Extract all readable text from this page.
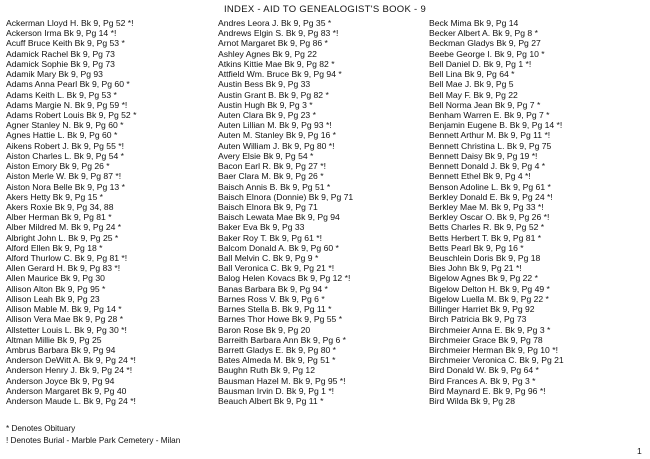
INDEX - AID TO GENEALOGIST'S BOOK - 9
Ackerman Lloyd H. Bk 9, Pg 52 *!
Ackerson Irma Bk 9, Pg 14 *!
Acuff Bruce Keith Bk 9, Pg 53 *
Adamick Rachel Bk 9, Pg 73
Adamick Sophie Bk 9, Pg 73
Adamik Mary Bk 9, Pg 93
Adams Anna Pearl Bk 9, Pg 60 *
Adams Keith L. Bk 9, Pg 53 *
Adams Margie N. Bk 9, Pg 59 *!
Adams Robert Louis Bk 9, Pg 52 *
Agner Stanley N. Bk 9, Pg 60 *
Agnes Hattie L. Bk 9, Pg 60 *
Aikens Robert J. Bk 9, Pg 55 *!
Aiston Charles L. Bk 9, Pg 54 *
Aiston Emory Bk 9, Pg 26 *
Aiston Merle W. Bk 9, Pg 87 *!
Aiston Nora Belle Bk 9, Pg 13 *
Akers Hetty Bk 9, Pg 15 *
Akers Roxie Bk 9, Pg 34, 88
Alber Herman Bk 9, Pg 81 *
Alber Mildred M. Bk 9, Pg 24 *
Albright John L. Bk 9, Pg 25 *
Alford Ellen Bk 9, Pg 18 *
Alford Thurlow C. Bk 9, Pg 81 *!
Allen Gerard H. Bk 9, Pg 83 *!
Allen Maurice Bk 9, Pg 30
Allison Alton Bk 9, Pg 95 *
Allison Leah Bk 9, Pg 23
Allison Mable M. Bk 9, Pg 14 *
Allison Vera Mae Bk 9, Pg 28 *
Allstetter Louis L. Bk 9, Pg 30 *!
Altman Millie Bk 9, Pg 25
Ambrus Barbara Bk 9, Pg 94
Anderson DeWitt A. Bk 9, Pg 24 *!
Anderson Henry J. Bk 9, Pg 24 *!
Anderson Joyce Bk 9, Pg 94
Anderson Margaret Bk 9, Pg 40
Anderson Maude L. Bk 9, Pg 24 *!
Andres Leora J. Bk 9, Pg 35 *
Andrews Elgin S. Bk 9, Pg 83 *!
Arnot Margaret Bk 9, Pg 86 *
Ashley Agnes Bk 9, Pg 22
Atkins Kittie Mae Bk 9, Pg 82 *
Attfield Wm. Bruce Bk 9, Pg 94 *
Austin Bess Bk 9, Pg 33
Austin Grant B. Bk 9, Pg 82 *
Austin Hugh Bk 9, Pg 3 *
Auten Clara Bk 9, Pg 23 *
Auten Lillian M. Bk 9, Pg 93 *!
Auten M. Stanley Bk 9, Pg 16 *
Auten William J. Bk 9, Pg 80 *!
Avery Elsie Bk 9, Pg 54 *
Bacon Earl R. Bk 9, Pg 27 *!
Baer Clara M. Bk 9, Pg 26 *
Baisch Annis B. Bk 9, Pg 51 *
Baisch Elnora (Donnie) Bk 9, Pg 71
Baisch Elnora Bk 9, Pg 71
Baisch Lewata Mae Bk 9, Pg 94
Baker Eva Bk 9, Pg 33
Baker Roy T. Bk 9, Pg 61 *!
Balcom Donald A. Bk 9, Pg 60 *
Ball Melvin C. Bk 9, Pg 9 *
Ball Veronica C. Bk 9, Pg 21 *!
Balog Helen Kovacs Bk 9, Pg 12 *!
Banas Barbara Bk 9, Pg 94 *
Barnes Ross V. Bk 9, Pg 6 *
Barnes Stella B. Bk 9, Pg 11 *
Barnes Thor Howe Bk 9, Pg 55 *
Baron Rose Bk 9, Pg 20
Barreith Barbara Ann Bk 9, Pg 6 *
Barrett Gladys E. Bk 9, Pg 80 *
Bates Almeda M. Bk 9, Pg 51 *
Baughn Ruth Bk 9, Pg 12
Bausman Hazel M. Bk 9, Pg 95 *!
Bausman Irvin D. Bk 9, Pg 1 *!
Beauch Albert Bk 9, Pg 11 *
Beck Mima Bk 9, Pg 14
Becker Albert A. Bk 9, Pg 8 *
Beckman Gladys Bk 9, Pg 27
Beebe George I. Bk 9, Pg 10 *
Bell Daniel D. Bk 9, Pg 1 *!
Bell Lina Bk 9, Pg 64 *
Bell Mae J. Bk 9, Pg 5
Bell May F. Bk 9, Pg 22
Bell Norma Jean Bk 9, Pg 7 *
Benham Warren E. Bk 9, Pg 7 *
Benjamin Eugene B. Bk 9, Pg 14 *!
Bennett Arthur M. Bk 9, Pg 11 *!
Bennett Christina L. Bk 9, Pg 75
Bennett Daisy Bk 9, Pg 19 *!
Bennett Donald J. Bk 9, Pg 4 *
Bennett Ethel Bk 9, Pg 4 *!
Benson Adoline L. Bk 9, Pg 61 *
Berkley Donald E. Bk 9, Pg 24 *!
Berkley Mae M. Bk 9, Pg 33 *!
Berkley Oscar O. Bk 9, Pg 26 *!
Betts Charles R. Bk 9, Pg 52 *
Betts Herbert T. Bk 9, Pg 81 *
Betts Pearl Bk 9, Pg 16 *
Beuschlein Doris Bk 9, Pg 18
Bies John Bk 9, Pg 21 *!
Bigelow Agnes Bk 9, Pg 22 *
Bigelow Delton H. Bk 9, Pg 49 *
Bigelow Luella M. Bk 9, Pg 22 *
Billinger Harriet Bk 9, Pg 92
Birch Patricia Bk 9, Pg 73
Birchmeier Anna E. Bk 9, Pg 3 *
Birchmeier Grace Bk 9, Pg 78
Birchmeier Herman Bk 9, Pg 10 *!
Birchmeier Veronica C. Bk 9, Pg 21
Bird Donald W. Bk 9, Pg 64 *
Bird Frances A. Bk 9, Pg 3 *
Bird Maynard E. Bk 9, Pg 96 *!
Bird Wilda Bk 9, Pg 28
* Denotes Obituary
! Denotes Burial - Marble Park Cemetery - Milan
1
